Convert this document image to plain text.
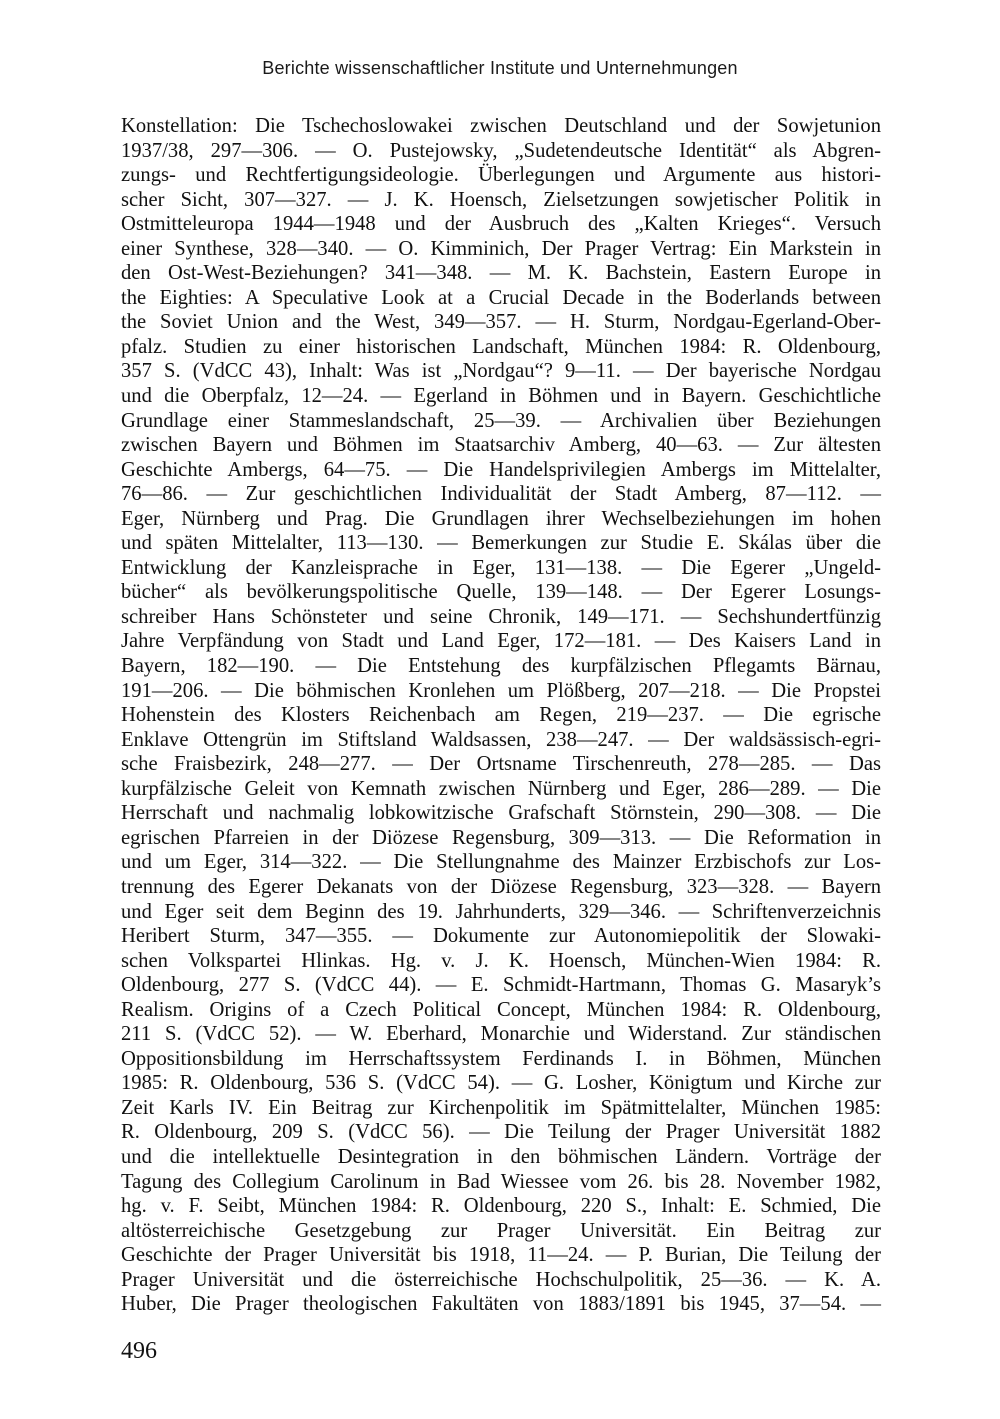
Berichte wissenschaftlicher Institute und Unternehmungen
Konstellation: Die Tschechoslowakei zwischen Deutschland und der Sowjetunion
1937/38, 297—306. — O. Pustejowsky, „Sudetendeutsche Identität“ als Abgren-
zungs- und Rechtfertigungsideologie. Überlegungen und Argumente aus histori-
scher Sicht, 307—327. — J. K. Hoensch, Zielsetzungen sowjetischer Politik in
Ostmitteleuropa 1944—1948 und der Ausbruch des „Kalten Krieges“. Versuch
einer Synthese, 328—340. — O. Kimminich, Der Prager Vertrag: Ein Markstein in
den Ost-West-Beziehungen? 341—348. — M. K. Bachstein, Eastern Europe in
the Eighties: A Speculative Look at a Crucial Decade in the Boderlands between
the Soviet Union and the West, 349—357. — H. Sturm, Nordgau-Egerland-Ober-
pfalz. Studien zu einer historischen Landschaft, München 1984: R. Oldenbourg,
357 S. (VdCC 43), Inhalt: Was ist „Nordgau“? 9—11. — Der bayerische Nordgau
und die Oberpfalz, 12—24. — Egerland in Böhmen und in Bayern. Geschichtliche
Grundlage einer Stammeslandschaft, 25—39. — Archivalien über Beziehungen
zwischen Bayern und Böhmen im Staatsarchiv Amberg, 40—63. — Zur ältesten
Geschichte Ambergs, 64—75. — Die Handelsprivilegien Ambergs im Mittelalter,
76—86. — Zur geschichtlichen Individualität der Stadt Amberg, 87—112. —
Eger, Nürnberg und Prag. Die Grundlagen ihrer Wechselbeziehungen im hohen
und späten Mittelalter, 113—130. — Bemerkungen zur Studie E. Skálas über die
Entwicklung der Kanzleisprache in Eger, 131—138. — Die Egerer „Ungeld-
bücher“ als bevölkerungspolitische Quelle, 139—148. — Der Egerer Losungs-
schreiber Hans Schönsteter und seine Chronik, 149—171. — Sechshundertfünzig
Jahre Verpfändung von Stadt und Land Eger, 172—181. — Des Kaisers Land in
Bayern, 182—190. — Die Entstehung des kurpfälzischen Pflegamts Bärnau,
191—206. — Die böhmischen Kronlehen um Plößberg, 207—218. — Die Propstei
Hohenstein des Klosters Reichenbach am Regen, 219—237. — Die egrische
Enklave Ottengrün im Stiftsland Waldsassen, 238—247. — Der waldsässisch-egri-
sche Fraisbezirk, 248—277. — Der Ortsname Tirschenreuth, 278—285. — Das
kurpfälzische Geleit von Kemnath zwischen Nürnberg und Eger, 286—289. — Die
Herrschaft und nachmalig lobkowitzische Grafschaft Störnstein, 290—308. — Die
egrischen Pfarreien in der Diözese Regensburg, 309—313. — Die Reformation in
und um Eger, 314—322. — Die Stellungnahme des Mainzer Erzbischofs zur Los-
trennung des Egerer Dekanats von der Diözese Regensburg, 323—328. — Bayern
und Eger seit dem Beginn des 19. Jahrhunderts, 329—346. — Schriftenverzeichnis
Heribert Sturm, 347—355. — Dokumente zur Autonomiepolitik der Slowaki-
schen Volkspartei Hlinkas. Hg. v. J. K. Hoensch, München-Wien 1984: R.
Oldenbourg, 277 S. (VdCC 44). — E. Schmidt-Hartmann, Thomas G. Masaryk’s
Realism. Origins of a Czech Political Concept, München 1984: R. Oldenbourg,
211 S. (VdCC 52). — W. Eberhard, Monarchie und Widerstand. Zur ständischen
Oppositionsbildung im Herrschaftssystem Ferdinands I. in Böhmen, München
1985: R. Oldenbourg, 536 S. (VdCC 54). — G. Losher, Königtum und Kirche zur
Zeit Karls IV. Ein Beitrag zur Kirchenpolitik im Spätmittelalter, München 1985:
R. Oldenbourg, 209 S. (VdCC 56). — Die Teilung der Prager Universität 1882
und die intellektuelle Desintegration in den böhmischen Ländern. Vorträge der
Tagung des Collegium Carolinum in Bad Wiessee vom 26. bis 28. November 1982,
hg. v. F. Seibt, München 1984: R. Oldenbourg, 220 S., Inhalt: E. Schmied, Die
altösterreichische Gesetzgebung zur Prager Universität. Ein Beitrag zur
Geschichte der Prager Universität bis 1918, 11—24. — P. Burian, Die Teilung der
Prager Universität und die österreichische Hochschulpolitik, 25—36. — K. A.
Huber, Die Prager theologischen Fakultäten von 1883/1891 bis 1945, 37—54. —
496
